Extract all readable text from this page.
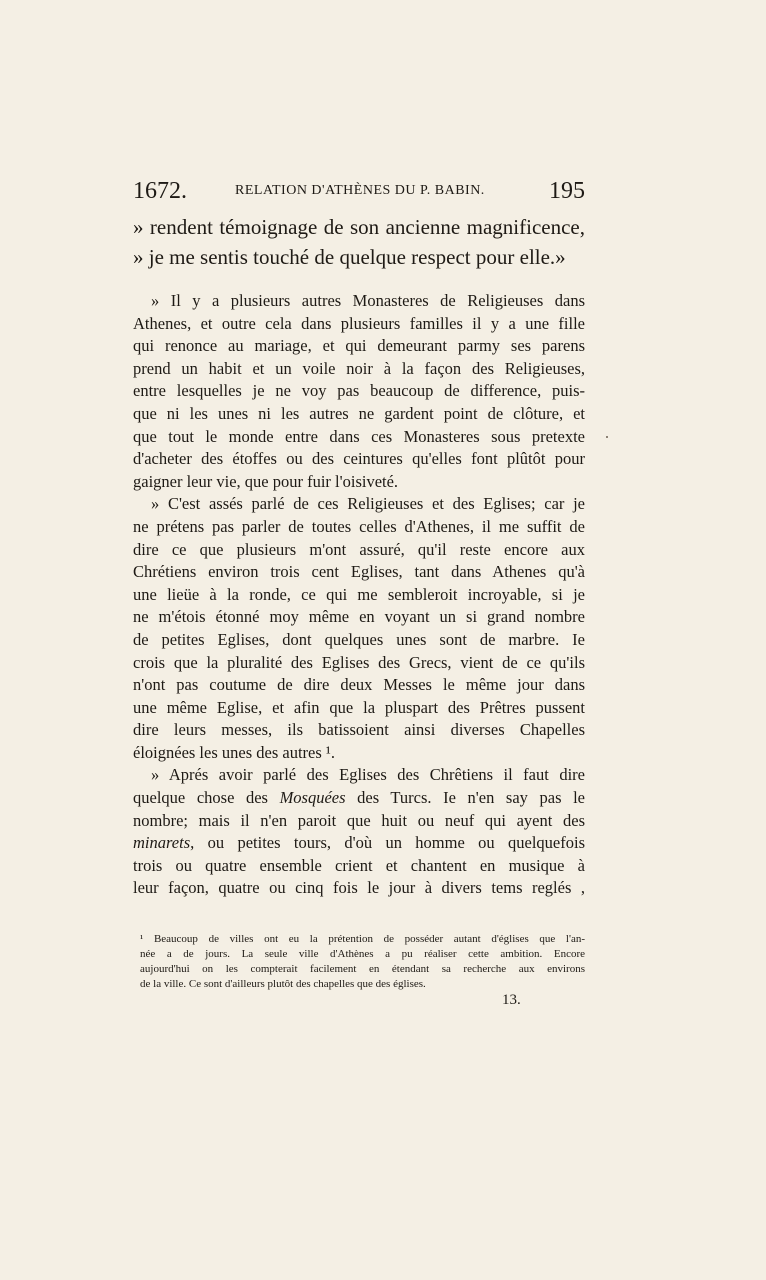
1672.	RELATION D'ATHÈNES DU P. BABIN.	195
» rendent témoignage de son ancienne magnificence,
» je me sentis touché de quelque respect pour elle.»
» Il y a plusieurs autres Monasteres de Religieuses dans
Athenes, et outre cela dans plusieurs familles il y a une fille
qui renonce au mariage, et qui demeurant parmy ses parens
prend un habit et un voile noir à la façon des Religieuses,
entre lesquelles je ne voy pas beaucoup de difference, puis-
que ni les unes ni les autres ne gardent point de clôture, et
que tout le monde entre dans ces Monasteres sous pretexte
d'acheter des étoffes ou des ceintures qu'elles font plûtôt pour
gaigner leur vie, que pour fuir l'oisiveté.
» C'est assés parlé de ces Religieuses et des Eglises; car je
ne prétens pas parler de toutes celles d'Athenes, il me suffit de
dire ce que plusieurs m'ont assuré, qu'il reste encore aux
Chrétiens environ trois cent Eglises, tant dans Athenes qu'à
une lieüe à la ronde, ce qui me sembleroit incroyable, si je
ne m'étois étonné moy même en voyant un si grand nombre
de petites Eglises, dont quelques unes sont de marbre. Ie
crois que la pluralité des Eglises des Grecs, vient de ce qu'ils
n'ont pas coutume de dire deux Messes le même jour dans
une même Eglise, et afin que la pluspart des Prêtres pussent
dire leurs messes, ils batissoient ainsi diverses Chapelles
éloignées les unes des autres ¹.
» Aprés avoir parlé des Eglises des Chrêtiens il faut dire
quelque chose des Mosquées des Turcs. Ie n'en say pas le
nombre; mais il n'en paroit que huit ou neuf qui ayent des
minarets, ou petites tours, d'où un homme ou quelquefois
trois ou quatre ensemble crient et chantent en musique à
leur façon, quatre ou cinq fois le jour à divers tems reglés ,
¹ Beaucoup de villes ont eu la prétention de posséder autant d'églises que l'an-
née a de jours. La seule ville d'Athènes a pu réaliser cette ambition. Encore
aujourd'hui on les compterait facilement en étendant sa recherche aux environs
de la ville. Ce sont d'ailleurs plutôt des chapelles que des églises.
13.
